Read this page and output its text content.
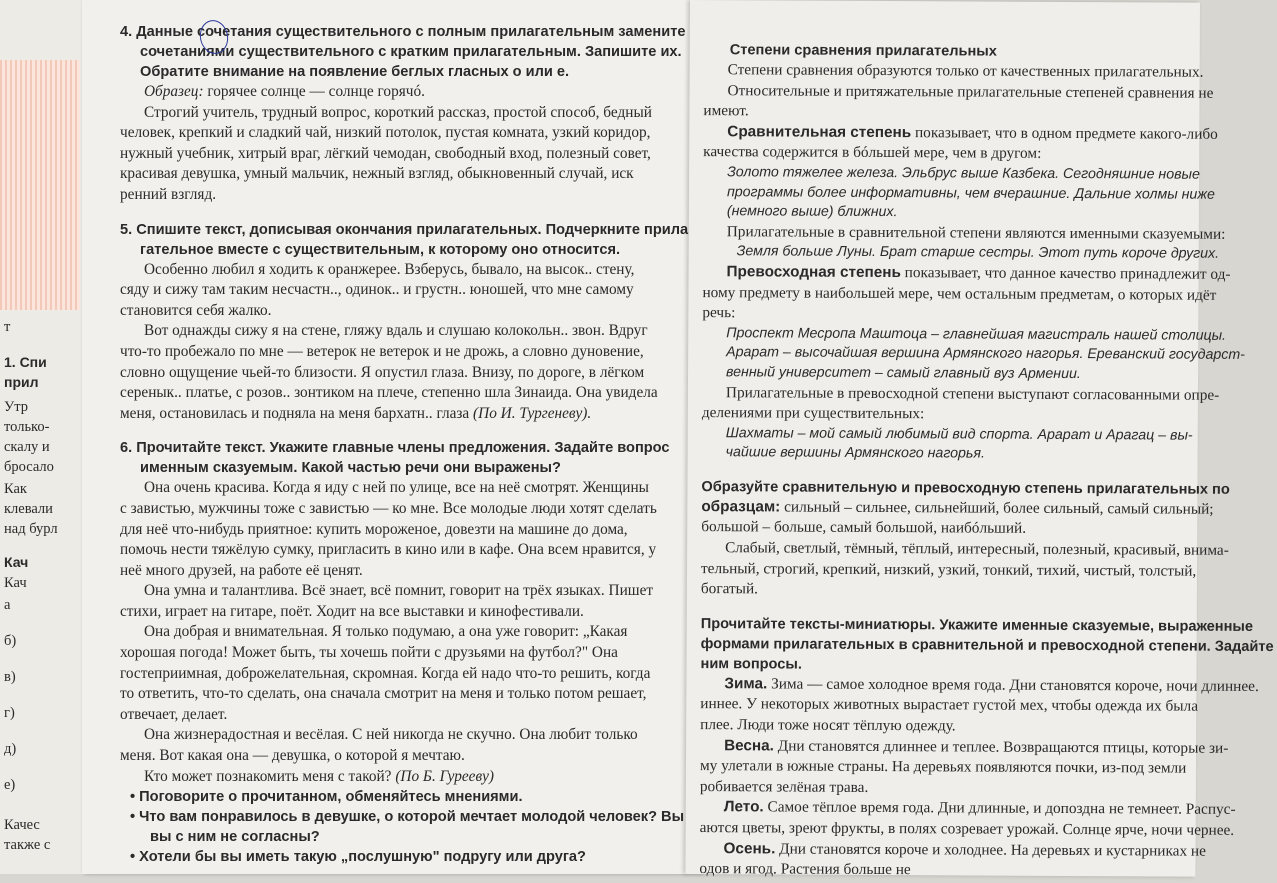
т
1. Спи
прил
Утр
только-
скалу и
бросало
Как
клевали
над бурл
Кач
Кач
а
б)
в)
г)
д)
е)
Качес
также с

4. Данные сочетания существительного с полным прилагательным замените

сочетаниями существительного с кратким прилагательным. Запишите их.

Обратите внимание на появление беглых гласных о или е.

Образец: горячее солнце — солнце горячó.

Строгий учитель, трудный вопрос, короткий рассказ, простой способ, бедный

человек, крепкий и сладкий чай, низкий потолок, пустая комната, узкий коридор,

нужный учебник, хитрый враг, лёгкий чемодан, свободный вход, полезный совет,

красивая девушка, умный мальчик, нежный взгляд, обыкновенный случай, иск

ренний взгляд.

5. Спишите текст, дописывая окончания прилагательных. Подчеркните прила

гательное вместе с существительным, к которому оно относится.

Особенно любил я ходить к оранжерее. Взберусь, бывало, на высок.. стену,

сяду и сижу там таким несчастн.., одинок.. и грустн.. юношей, что мне самому

становится себя жалко.

Вот однажды сижу я на стене, гляжу вдаль и слушаю колокольн.. звон. Вдруг

что-то пробежало по мне — ветерок не ветерок и не дрожь, а словно дуновение,

словно ощущение чьей-то близости. Я опустил глаза. Внизу, по дороге, в лёгком

серенык.. платье, с розов.. зонтиком на плече, степенно шла Зинаида. Она увидела

меня, остановилась и подняла на меня бархатн.. глаза (По И. Тургеневу).

6. Прочитайте текст. Укажите главные члены предложения. Задайте вопрос

именным сказуемым. Какой частью речи они выражены?

Она очень красива. Когда я иду с ней по улице, все на неё смотрят. Женщины

с завистью, мужчины тоже с завистью — ко мне. Все молодые люди хотят сделать

для неё что-нибудь приятное: купить мороженое, довезти на машине до дома,

помочь нести тяжёлую сумку, пригласить в кино или в кафе. Она всем нравится, у

неё много друзей, на работе её ценят.

Она умна и талантлива. Всё знает, всё помнит, говорит на трёх языках. Пишет

стихи, играет на гитаре, поёт. Ходит на все выставки и кинофестивали.

Она добрая и внимательная. Я только подумаю, а она уже говорит: „Какая

хорошая погода! Может быть, ты хочешь пойти с друзьями на футбол?" Она

гостеприимная, доброжелательная, скромная. Когда ей надо что-то решить, когда

то ответить, что-то сделать, она сначала смотрит на меня и только потом решает,

отвечает, делает.

Она жизнерадостная и весёлая. С ней никогда не скучно. Она любит только

меня. Вот какая она — девушка, о которой я мечтаю.

Кто может познакомить меня с такой? (По Б. Гурееву)

• Поговорите о прочитанном, обменяйтесь мнениями.

• Что вам понравилось в девушке, о которой мечтает молодой человек? Вы

вы с ним не согласны?

• Хотели бы вы иметь такую „послушную" подругу или друга?

Степени сравнения прилагательных

Степени сравнения образуются только от качественных прилагательных.

Относительные и притяжательные прилагательные степеней сравнения не

имеют.

Сравнительная степень показывает, что в одном предмете какого-либо

качества содержится в бóльшей мере, чем в другом:

Золото тяжелее железа. Эльбрус выше Казбека. Сегодняшние новые

программы более информативны, чем вчерашние. Дальние холмы ниже

(немного выше) ближних.

Прилагательные в сравнительной степени являются именными сказуемыми:

Земля больше Луны. Брат старше сестры. Этот путь короче других.

Превосходная степень показывает, что данное качество принадлежит од-

ному предмету в наибольшей мере, чем остальным предметам, о которых идёт

речь:

Проспект Месропа Маштоца – главнейшая магистраль нашей столицы.

Арарат – высочайшая вершина Армянского нагорья. Ереванский государст-

венный университет – самый главный вуз Армении.

Прилагательные в превосходной степени выступают согласованными опре-

делениями при существительных:

Шахматы – мой самый любимый вид спорта. Арарат и Арагац – вы-

чайшие вершины Армянского нагорья.

Образуйте сравнительную и превосходную степень прилагательных по

образцам: сильный – сильнее, сильнейший, более сильный, самый сильный;

большой – больше, самый большой, наибóльший.

Слабый, светлый, тёмный, тёплый, интересный, полезный, красивый, внима-

тельный, строгий, крепкий, низкий, узкий, тонкий, тихий, чистый, толстый,

богатый.

Прочитайте тексты-миниатюры. Укажите именные сказуемые, выраженные

формами прилагательных в сравнительной и превосходной степени. Задайте

ним вопросы.

Зима. Зима — самое холодное время года. Дни становятся короче, ночи длиннее.

иннее. У некоторых животных вырастает густой мех, чтобы одежда их была

плее. Люди тоже носят тёплую одежду.

Весна. Дни становятся длиннее и теплее. Возвращаются птицы, которые зи-

му улетали в южные страны. На деревьях появляются почки, из-под земли

робивается зелёная трава.

Лето. Самое тёплое время года. Дни длинные, и допоздна не темнеет. Распус-

аются цветы, зреют фрукты, в полях созревает урожай. Солнце ярче, ночи чернее.

Осень. Дни становятся короче и холоднее. На деревьях и кустарниках не

одов и ягод. Растения больше не
